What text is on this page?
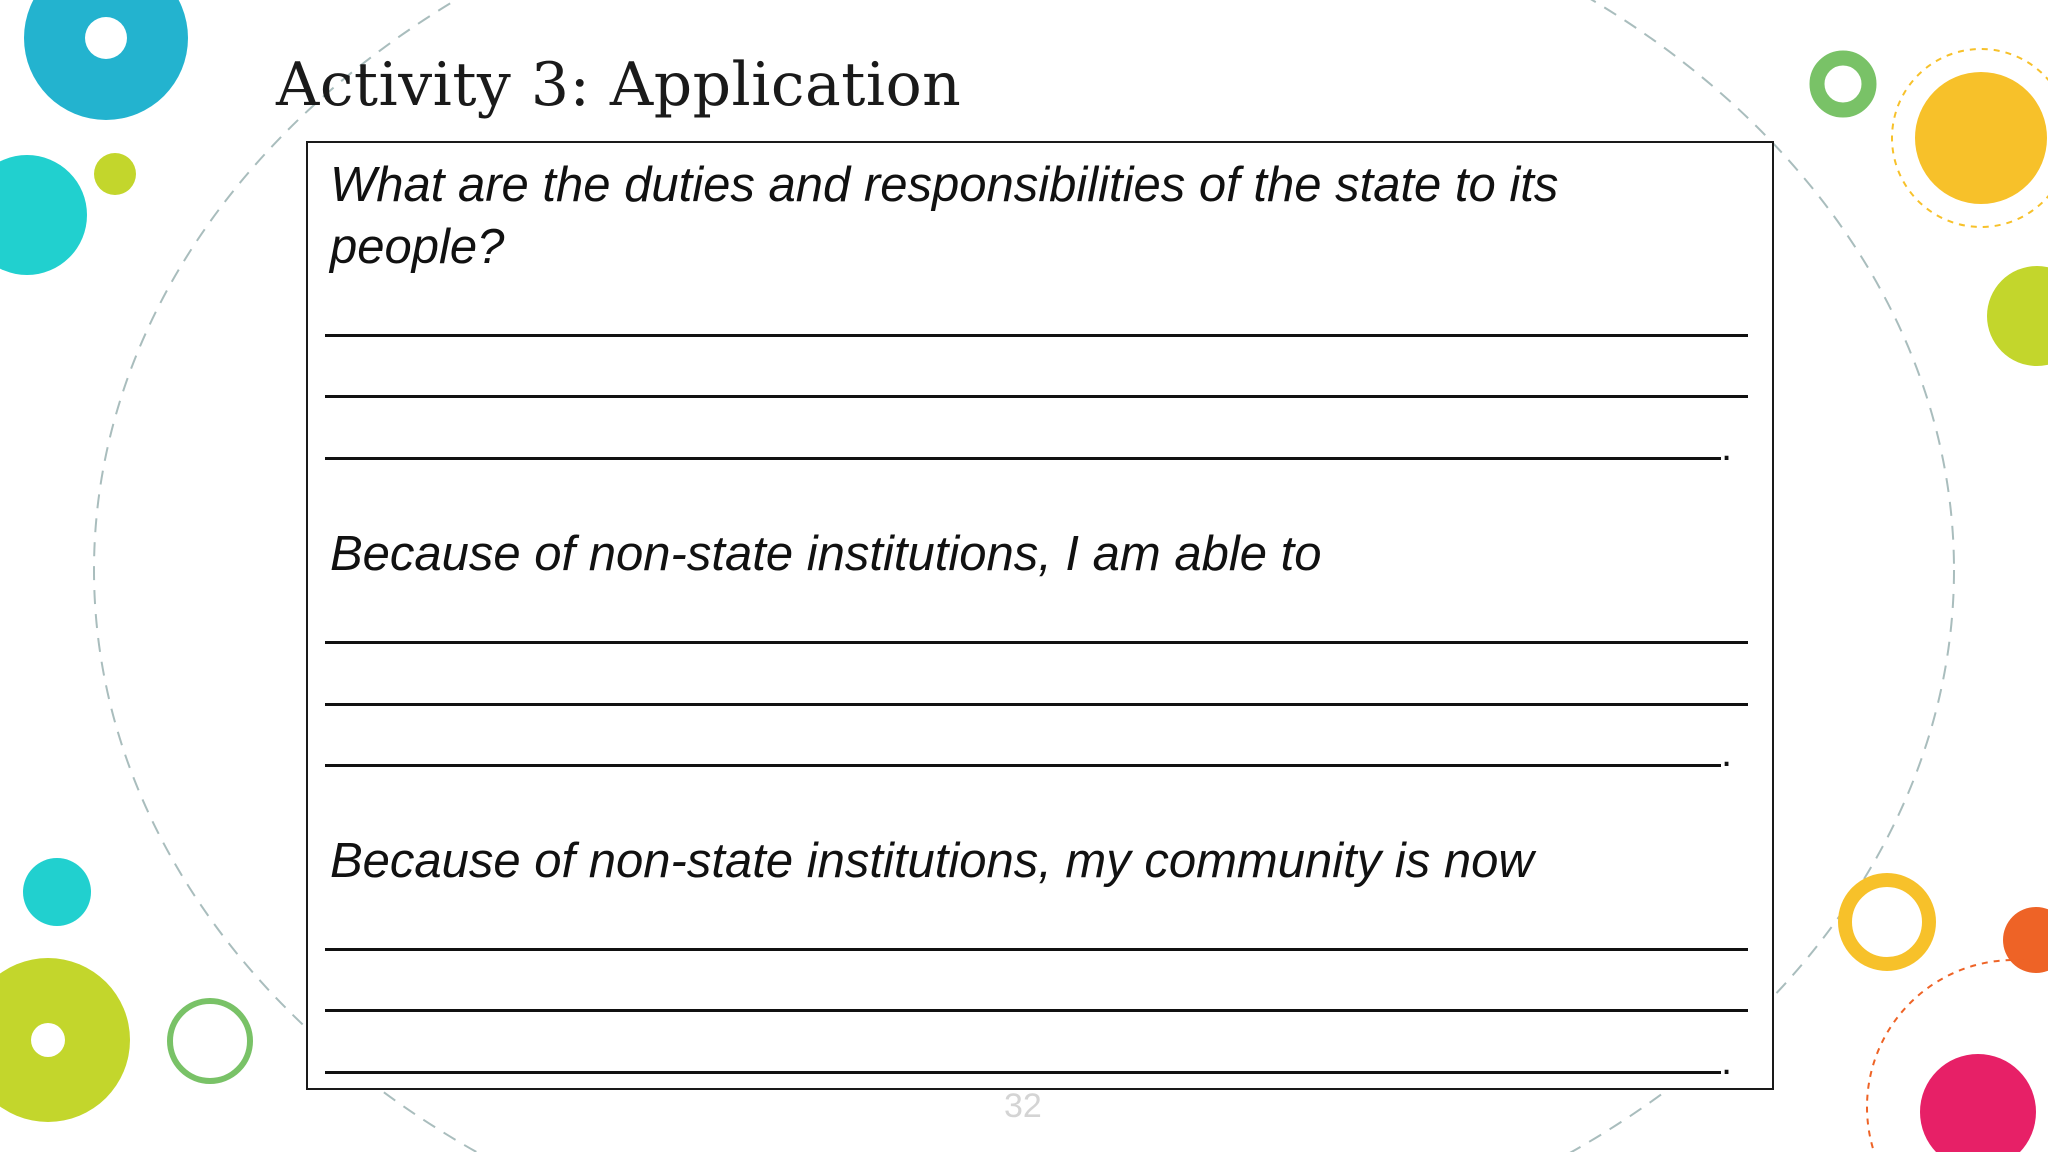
Activity 3: Application
What are the duties and responsibilities of the state to its people?
.
Because of non-state institutions, I am able to
.
Because of non-state institutions, my community is now
.
32
